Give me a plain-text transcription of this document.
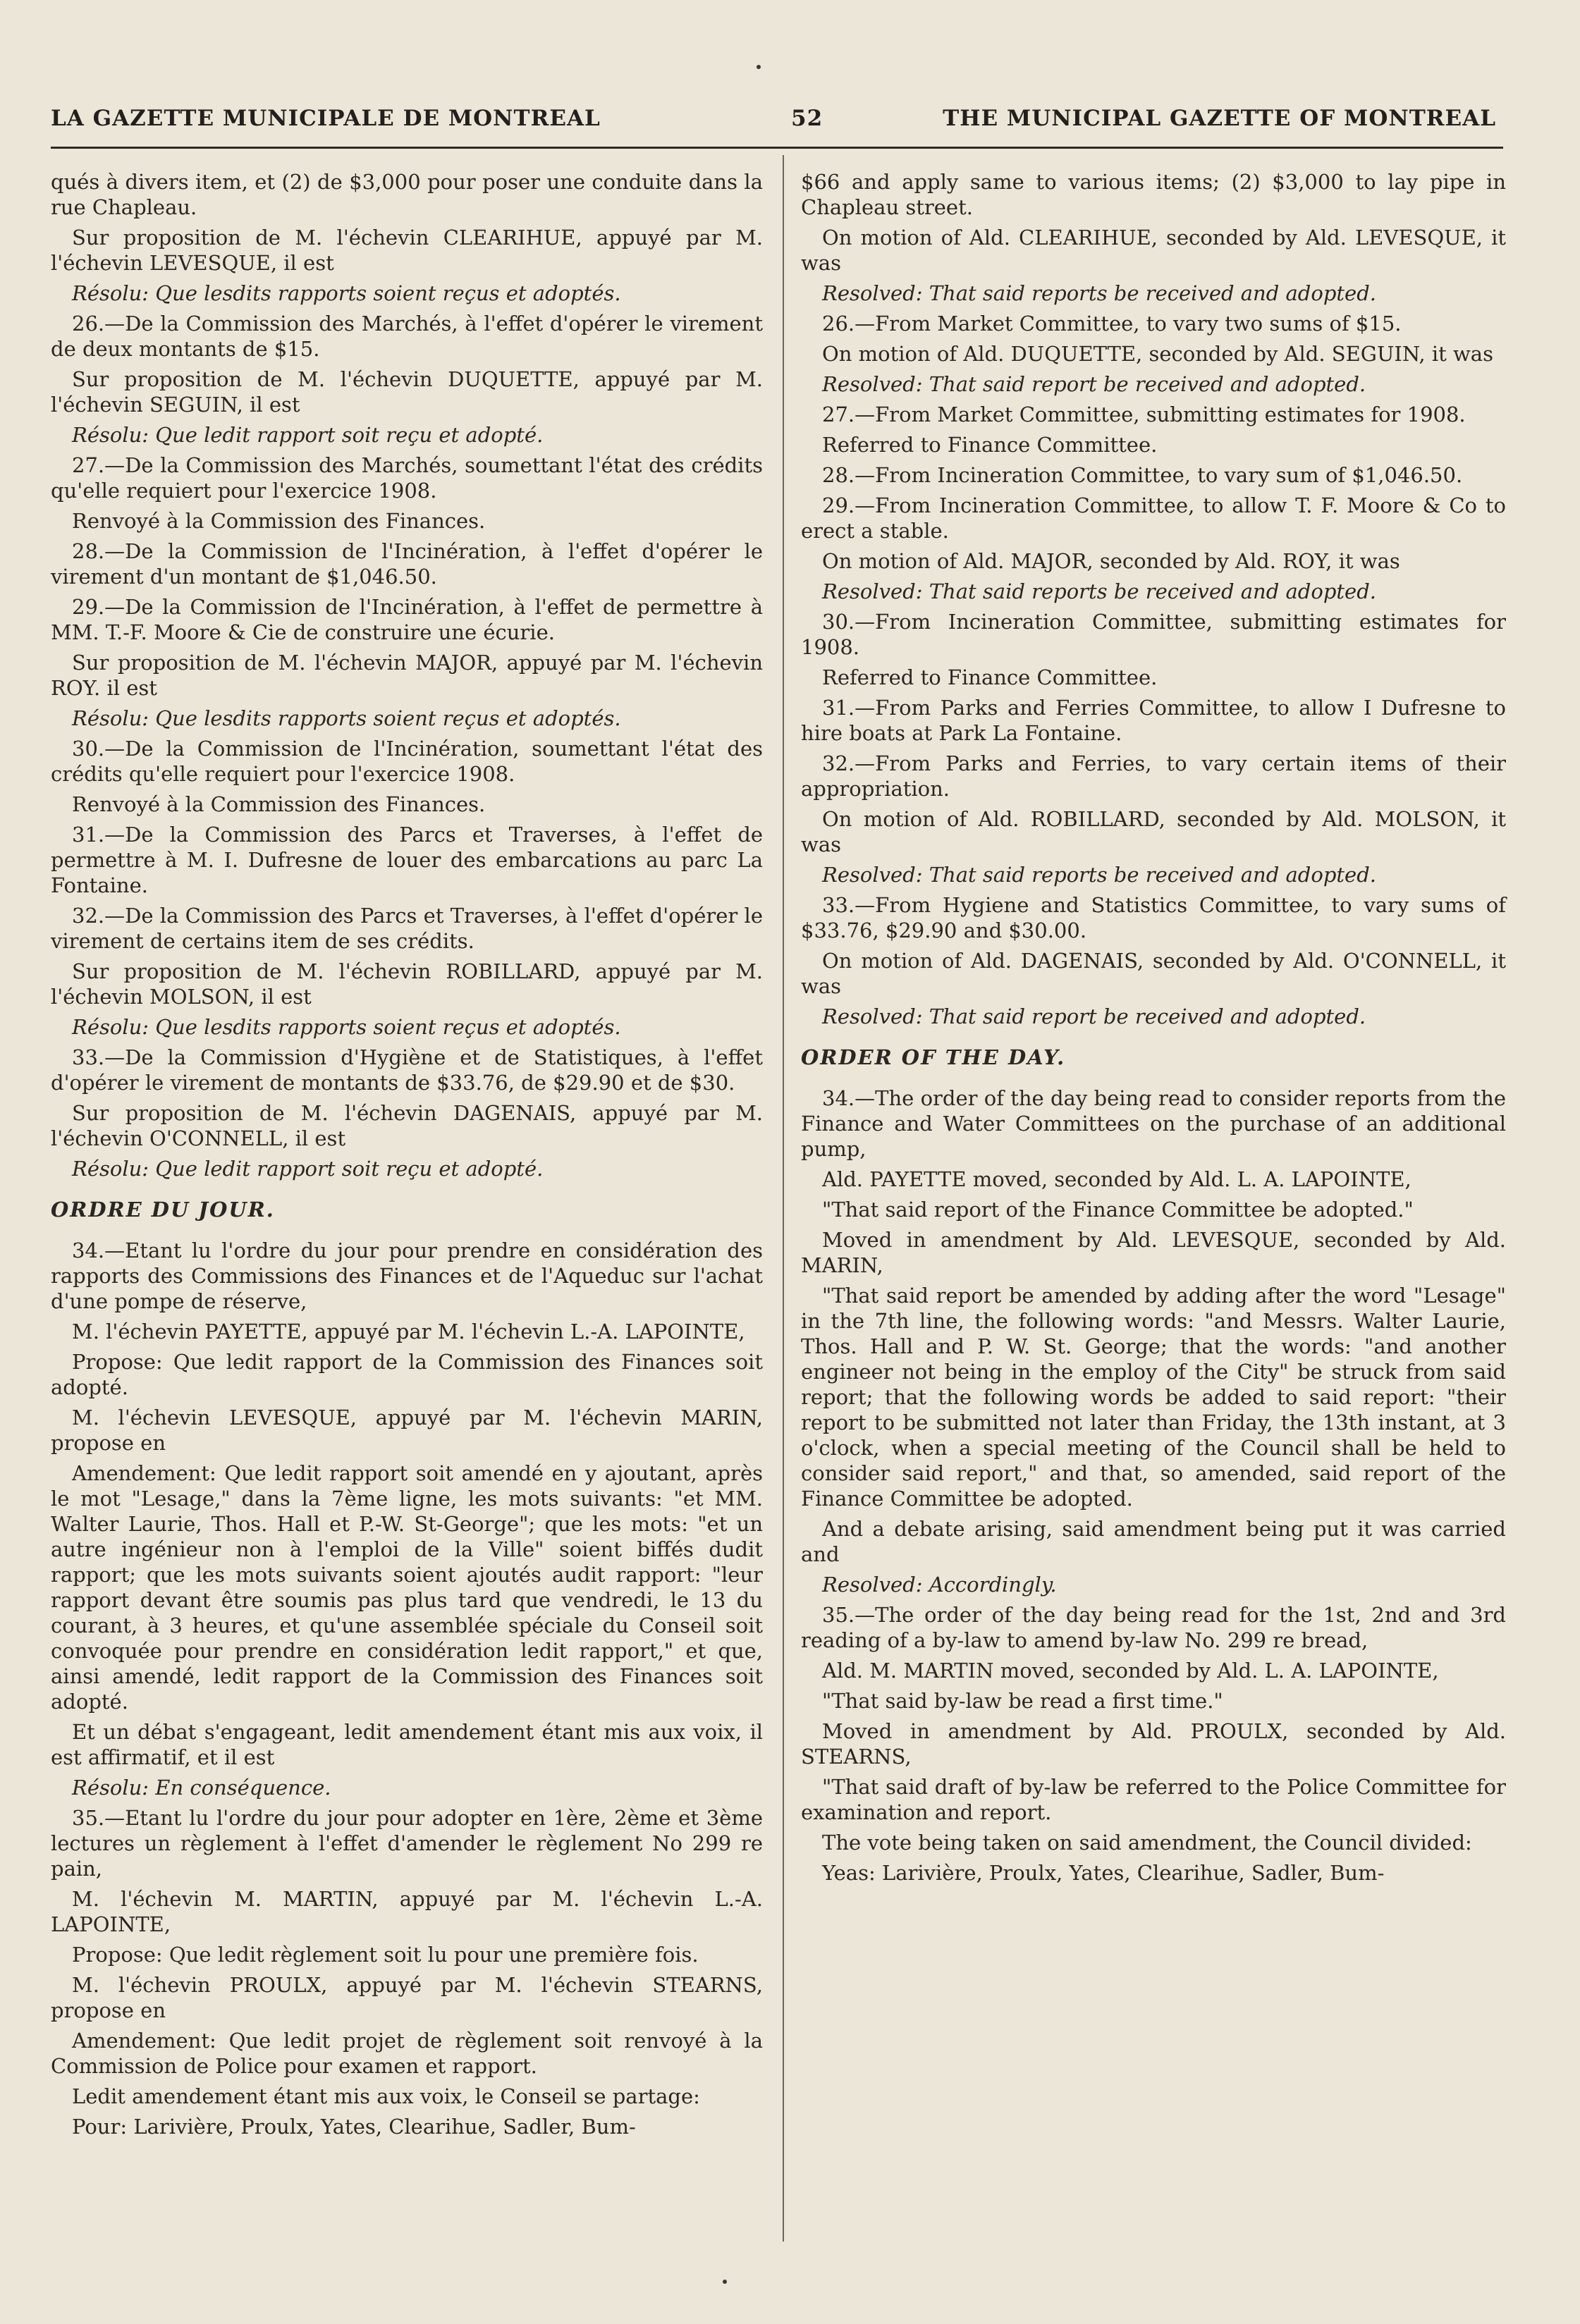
LA GAZETTE MUNICIPALE DE MONTREAL	52	THE MUNICIPAL GAZETTE OF MONTREAL

qués à divers item, et (2) de $3,000 pour poser une conduite dans la rue Chapleau.

Sur proposition de M. l'échevin CLEARIHUE, appuyé par M. l'échevin LEVESQUE, il est

Résolu: Que lesdits rapports soient reçus et adoptés.

26.—De la Commission des Marchés, à l'effet d'opérer le virement de deux montants de $15.

Sur proposition de M. l'échevin DUQUETTE, appuyé par M. l'échevin SEGUIN, il est

Résolu: Que ledit rapport soit reçu et adopté.

27.—De la Commission des Marchés, soumettant l'état des crédits qu'elle requiert pour l'exercice 1908.

Renvoyé à la Commission des Finances.

28.—De la Commission de l'Incinération, à l'effet d'opérer le virement d'un montant de $1,046.50.

29.—De la Commission de l'Incinération, à l'effet de permettre à MM. T.-F. Moore & Cie de construire une écurie.

Sur proposition de M. l'échevin MAJOR, appuyé par M. l'échevin ROY. il est

Résolu: Que lesdits rapports soient reçus et adoptés.

30.—De la Commission de l'Incinération, soumettant l'état des crédits qu'elle requiert pour l'exercice 1908.

Renvoyé à la Commission des Finances.

31.—De la Commission des Parcs et Traverses, à l'effet de permettre à M. I. Dufresne de louer des embarcations au parc La Fontaine.

32.—De la Commission des Parcs et Traverses, à l'effet d'opérer le virement de certains item de ses crédits.

Sur proposition de M. l'échevin ROBILLARD, appuyé par M. l'échevin MOLSON, il est

Résolu: Que lesdits rapports soient reçus et adoptés.

33.—De la Commission d'Hygiène et de Statistiques, à l'effet d'opérer le virement de montants de $33.76, de $29.90 et de $30.

Sur proposition de M. l'échevin DAGENAIS, appuyé par M. l'échevin O'CONNELL, il est

Résolu: Que ledit rapport soit reçu et adopté.

ORDRE DU JOUR.

34.—Etant lu l'ordre du jour pour prendre en considération des rapports des Commissions des Finances et de l'Aqueduc sur l'achat d'une pompe de réserve,

M. l'échevin PAYETTE, appuyé par M. l'échevin L.-A. LAPOINTE,

Propose: Que ledit rapport de la Commission des Finances soit adopté.

M. l'échevin LEVESQUE, appuyé par M. l'échevin MARIN, propose en

Amendement: Que ledit rapport soit amendé en y ajoutant, après le mot "Lesage," dans la 7ème ligne, les mots suivants: "et MM. Walter Laurie, Thos. Hall et P.-W. St-George"; que les mots: "et un autre ingénieur non à l'emploi de la Ville" soient biffés dudit rapport; que les mots suivants soient ajoutés audit rapport: "leur rapport devant être soumis pas plus tard que vendredi, le 13 du courant, à 3 heures, et qu'une assemblée spéciale du Conseil soit convoquée pour prendre en considération ledit rapport," et que, ainsi amendé, ledit rapport de la Commission des Finances soit adopté.

Et un débat s'engageant, ledit amendement étant mis aux voix, il est affirmatif, et il est

Résolu: En conséquence.

35.—Etant lu l'ordre du jour pour adopter en 1ère, 2ème et 3ème lectures un règlement à l'effet d'amender le règlement No 299 re pain,

M. l'échevin M. MARTIN, appuyé par M. l'échevin L.-A. LAPOINTE,

Propose: Que ledit règlement soit lu pour une première fois.

M. l'échevin PROULX, appuyé par M. l'échevin STEARNS, propose en

Amendement: Que ledit projet de règlement soit renvoyé à la Commission de Police pour examen et rapport.

Ledit amendement étant mis aux voix, le Conseil se partage:

Pour: Larivière, Proulx, Yates, Clearihue, Sadler, Bum-

$66 and apply same to various items; (2) $3,000 to lay pipe in Chapleau street.

On motion of Ald. CLEARIHUE, seconded by Ald. LEVESQUE, it was

Resolved: That said reports be received and adopted.

26.—From Market Committee, to vary two sums of $15.

On motion of Ald. DUQUETTE, seconded by Ald. SEGUIN, it was

Resolved: That said report be received and adopted.

27.—From Market Committee, submitting estimates for 1908.

Referred to Finance Committee.

28.—From Incineration Committee, to vary sum of $1,046.50.

29.—From Incineration Committee, to allow T. F. Moore & Co to erect a stable.

On motion of Ald. MAJOR, seconded by Ald. ROY, it was

Resolved: That said reports be received and adopted.

30.—From Incineration Committee, submitting estimates for 1908.

Referred to Finance Committee.

31.—From Parks and Ferries Committee, to allow I Dufresne to hire boats at Park La Fontaine.

32.—From Parks and Ferries, to vary certain items of their appropriation.

On motion of Ald. ROBILLARD, seconded by Ald. MOLSON, it was

Resolved: That said reports be received and adopted.

33.—From Hygiene and Statistics Committee, to vary sums of $33.76, $29.90 and $30.00.

On motion of Ald. DAGENAIS, seconded by Ald. O'CONNELL, it was

Resolved: That said report be received and adopted.

ORDER OF THE DAY.

34.—The order of the day being read to consider reports from the Finance and Water Committees on the purchase of an additional pump,

Ald. PAYETTE moved, seconded by Ald. L. A. LAPOINTE,

"That said report of the Finance Committee be adopted."

Moved in amendment by Ald. LEVESQUE, seconded by Ald. MARIN,

"That said report be amended by adding after the word "Lesage" in the 7th line, the following words: "and Messrs. Walter Laurie, Thos. Hall and P. W. St. George; that the words: "and another engineer not being in the employ of the City" be struck from said report; that the following words be added to said report: "their report to be submitted not later than Friday, the 13th instant, at 3 o'clock, when a special meeting of the Council shall be held to consider said report," and that, so amended, said report of the Finance Committee be adopted.

And a debate arising, said amendment being put it was carried and

Resolved: Accordingly.

35.—The order of the day being read for the 1st, 2nd and 3rd reading of a by-law to amend by-law No. 299 re bread,

Ald. M. MARTIN moved, seconded by Ald. L. A. LAPOINTE,

"That said by-law be read a first time."

Moved in amendment by Ald. PROULX, seconded by Ald. STEARNS,

"That said draft of by-law be referred to the Police Committee for examination and report.

The vote being taken on said amendment, the Council divided:

Yeas: Larivière, Proulx, Yates, Clearihue, Sadler, Bum-
